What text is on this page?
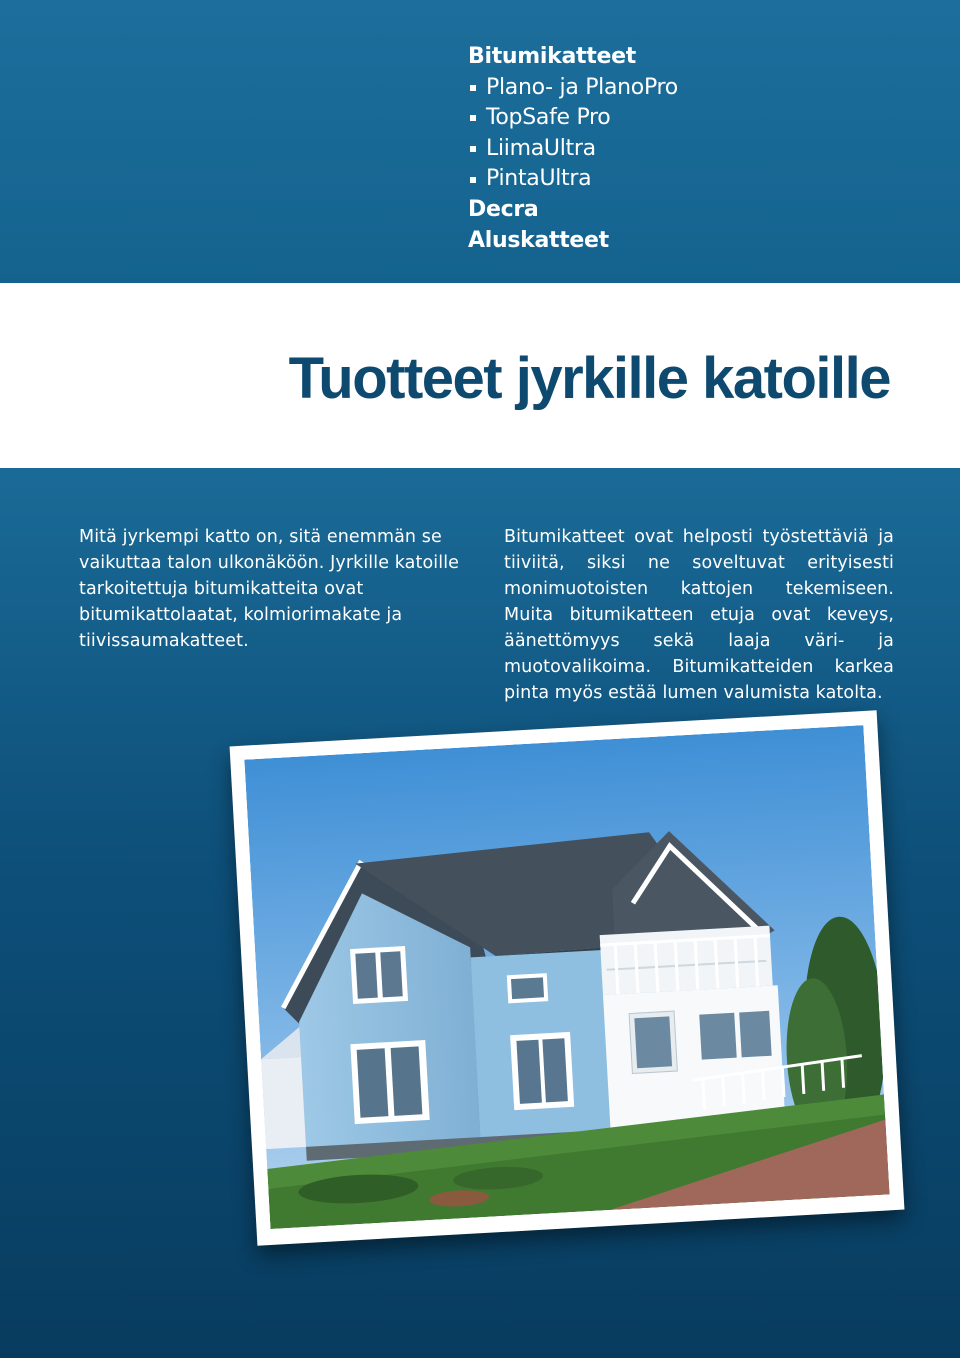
Bitumikatteet
Plano- ja PlanoPro
TopSafe Pro
LiimaUltra
PintaUltra
Decra
Aluskatteet
Tuotteet jyrkille katoille
Mitä jyrkempi katto on, sitä enemmän se vaikuttaa talon ulkonäköön. Jyrkille katoille tarkoitettuja bitumikatteita ovat bitumikattolaatat, kolmiorimakate ja tiivissaumakatteet.
Bitumikatteet ovat helposti työstettäviä ja tiiviitä, siksi ne soveltuvat erityisesti monimuotoisten kattojen tekemiseen. Muita bitumikatteen etuja ovat keveys, äänettömyys sekä laaja väri- ja muotovalikoima. Bitumikatteiden karkea pinta myös estää lumen valumista katolta.
